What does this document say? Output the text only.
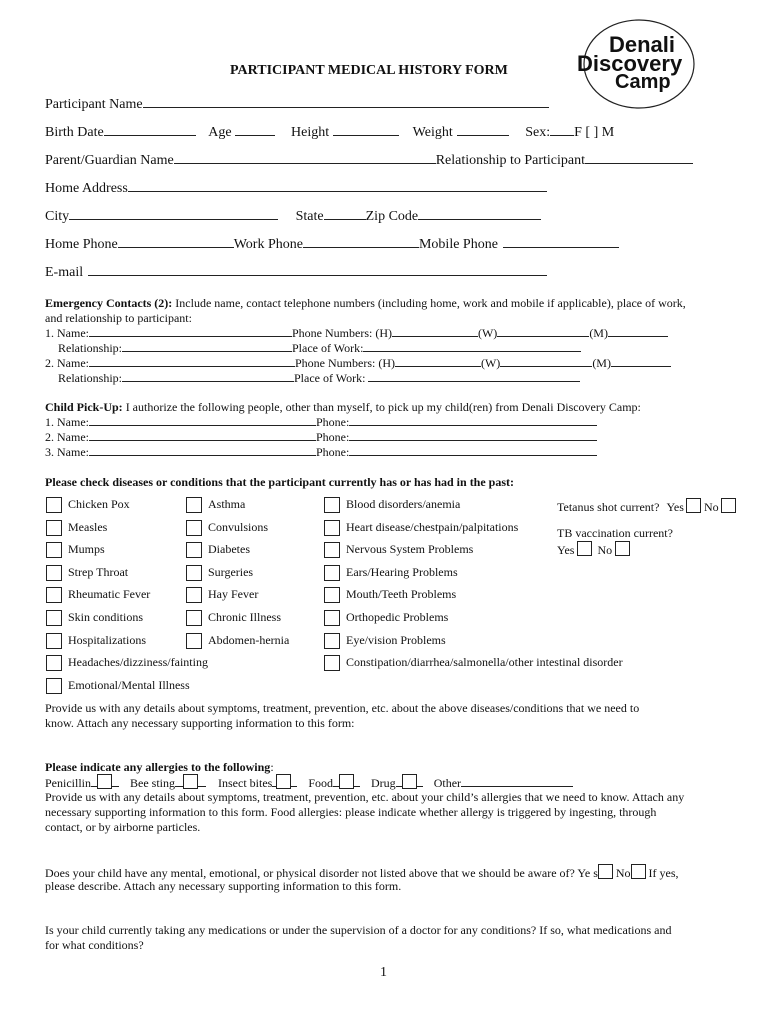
Denali
Discovery
Camp
PARTICIPANT MEDICAL HISTORY FORM
Participant Name
Birth Date	Age	Height	Weight	Sex: F [ ] M
Parent/Guardian Name	Relationship to Participant
Home Address
City	State	Zip Code
Home Phone	Work Phone	Mobile Phone
E-mail
Emergency Contacts (2): Include name, contact telephone numbers (including home, work and mobile if applicable), place of work,
and relationship to participant:
1. Name:	Phone Numbers: (H)	(W)	(M)
Relationship:	Place of Work:
2. Name:	Phone Numbers: (H)	(W)	(M)
Relationship:	Place of Work:
Child Pick-Up: I authorize the following people, other than myself, to pick up my child(ren) from Denali Discovery Camp:
1. Name:	Phone:
2. Name:	Phone:
3. Name:	Phone:
Please check diseases or conditions that the participant currently has or has had in the past:
Chicken Pox
Measles
Mumps
Strep Throat
Rheumatic Fever
Skin conditions
Hospitalizations
Headaches/dizziness/fainting
Emotional/Mental Illness
Asthma
Convulsions
Diabetes
Surgeries
Hay Fever
Chronic Illness
Abdomen-hernia
Blood disorders/anemia
Heart disease/chestpain/palpitations
Nervous System Problems
Ears/Hearing Problems
Mouth/Teeth Problems
Orthopedic Problems
Eye/vision Problems
Constipation/diarrhea/salmonella/other intestinal disorder
Tetanus shot current? Yes No
TB vaccination current?
Yes No
Provide us with any details about symptoms, treatment, prevention, etc. about the above diseases/conditions that we need to
know. Attach any necessary supporting information to this form:
Please indicate any allergies to the following:
Penicillin	Bee sting	Insect bites	Food	Drug	Other
Provide us with any details about symptoms, treatment, prevention, etc. about your child’s allergies that we need to know. Attach any
necessary supporting information to this form. Food allergies: please indicate whether allergy is triggered by ingesting, through
contact, or by airborne particles.
Does your child have any mental, emotional, or physical disorder not listed above that we should be aware of? Ye s No If yes,
please describe. Attach any necessary supporting information to this form.
Is your child currently taking any medications or under the supervision of a doctor for any conditions? If so, what medications and
for what conditions?
1
